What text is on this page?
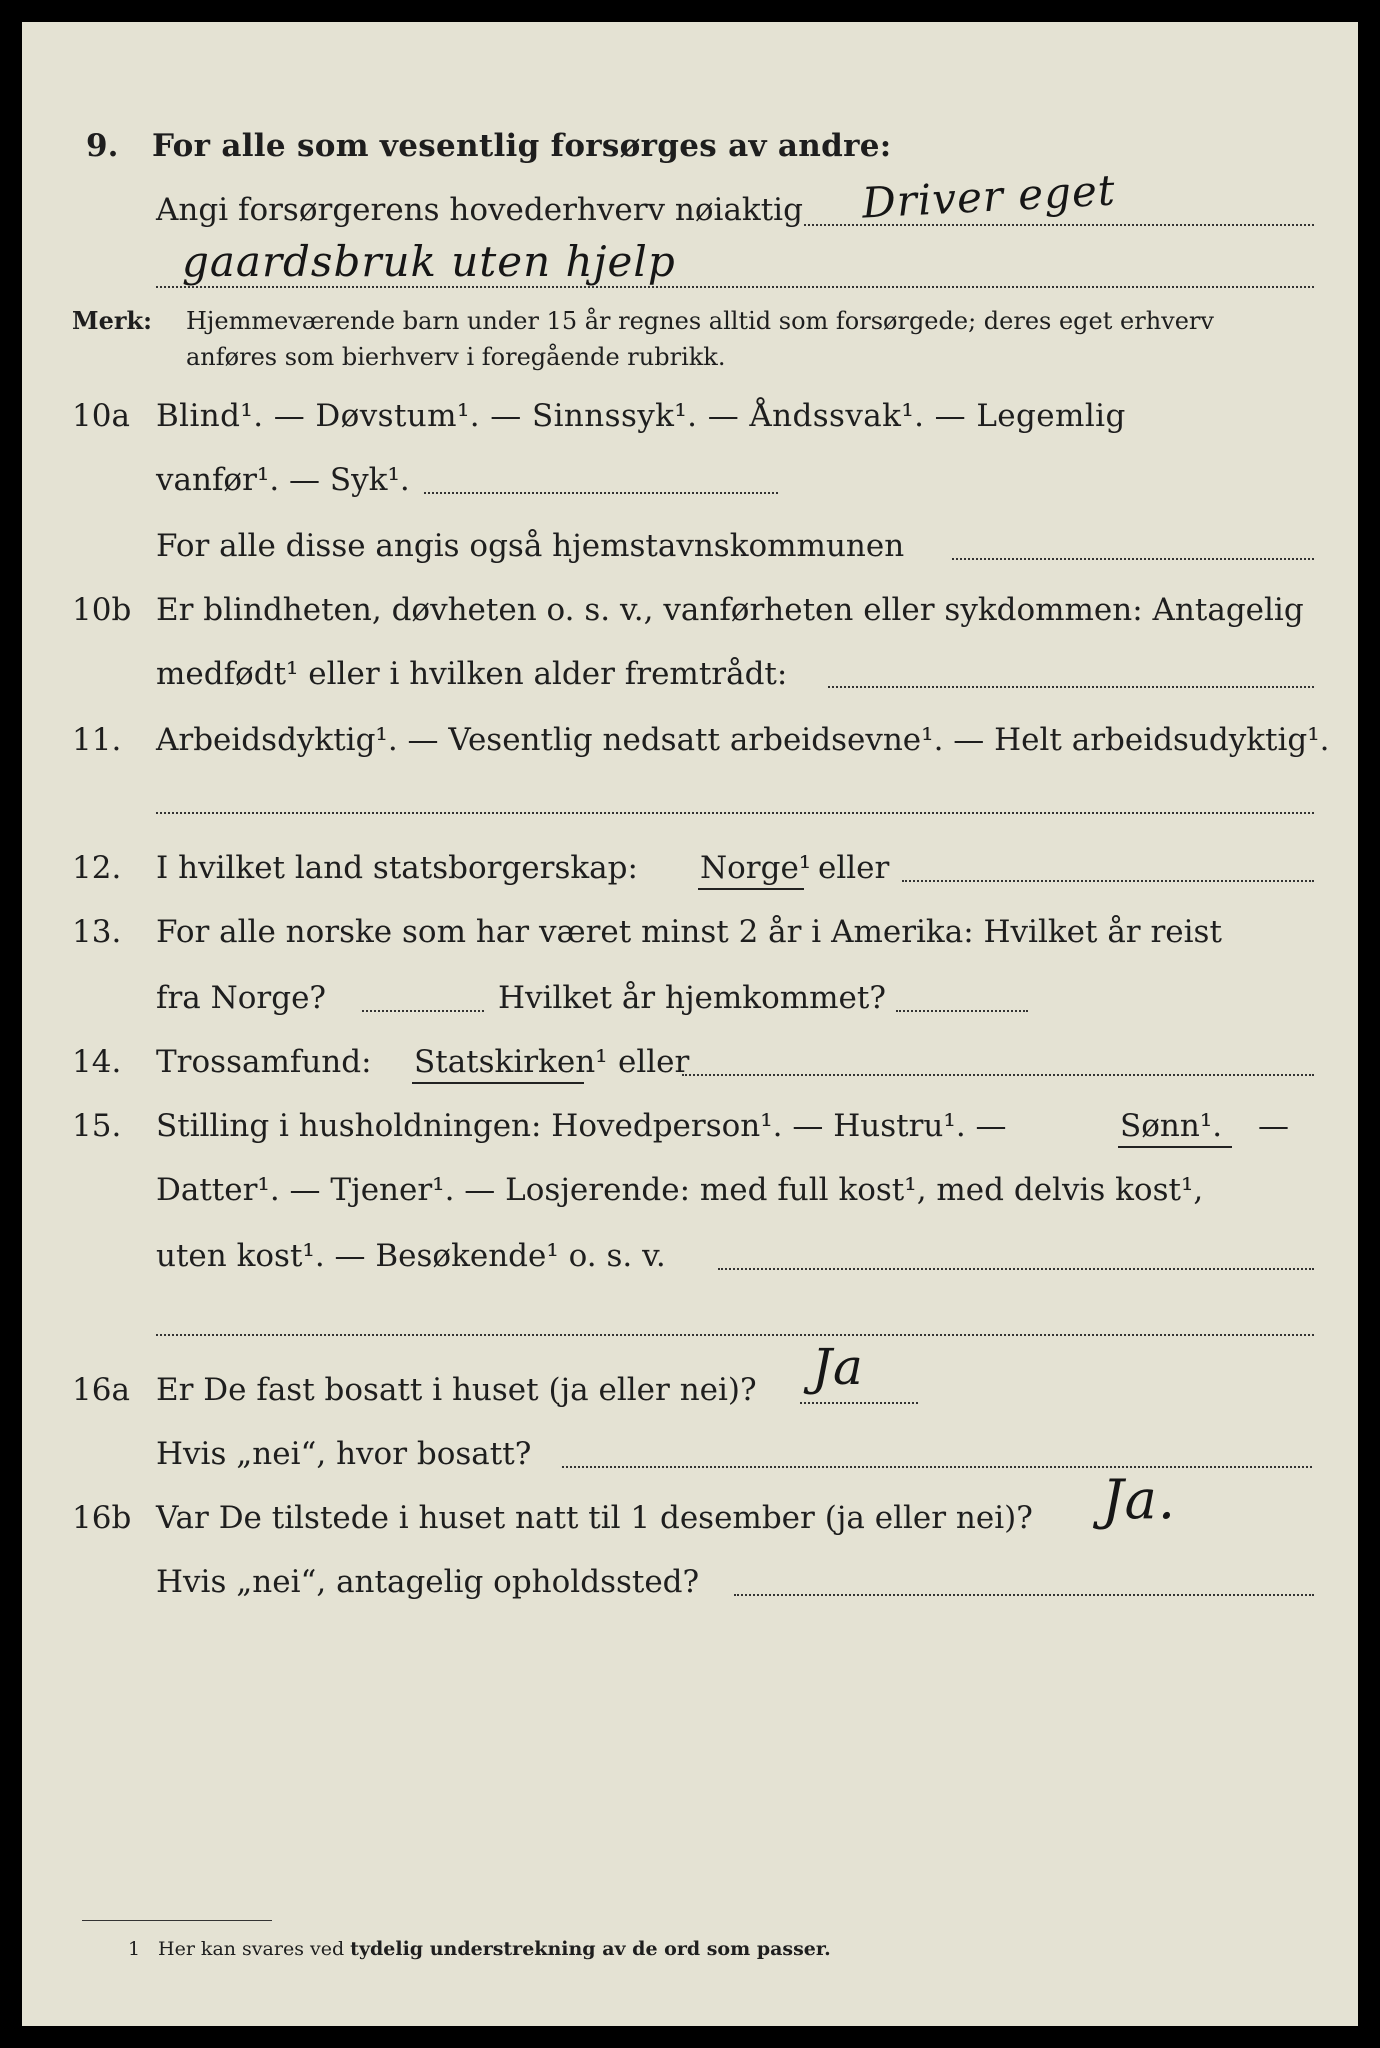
9. For alle som vesentlig forsørges av andre:
Angi forsørgerens hovederhverv nøiaktig Driver eget
gaardsbruk uten hjelp
Merk: Hjemmeværende barn under 15 år regnes alltid som forsørgede; deres eget erhverv
anføres som bierhverv i foregående rubrikk.
10a Blind¹. — Døvstum¹. — Sinnssyk¹. — Åndssvak¹. — Legemlig
vanfør¹. — Syk¹.
For alle disse angis også hjemstavnskommunen
10b Er blindheten, døvheten o. s. v., vanførheten eller sykdommen: Antagelig
medfødt¹ eller i hvilken alder fremtrådt:
11. Arbeidsdyktig¹. — Vesentlig nedsatt arbeidsevne¹. — Helt arbeidsudyktig¹.
12. I hvilket land statsborgerskap: Norge¹ eller
13. For alle norske som har været minst 2 år i Amerika: Hvilket år reist
fra Norge?	Hvilket år hjemkommet?
14. Trossamfund: Statskirken¹ eller
15. Stilling i husholdningen: Hovedperson¹. — Hustru¹. —	Sønn¹. —
Datter¹. — Tjener¹. — Losjerende: med full kost¹, med delvis kost¹,
uten kost¹. — Besøkende¹ o. s. v.
16a Er De fast bosatt i huset (ja eller nei)? Ja
Hvis „nei“, hvor bosatt?
16b Var De tilstede i huset natt til 1 desember (ja eller nei)? Ja.
Hvis „nei“, antagelig opholdssted?
1 Her kan svares ved tydelig understrekning av de ord som passer.
